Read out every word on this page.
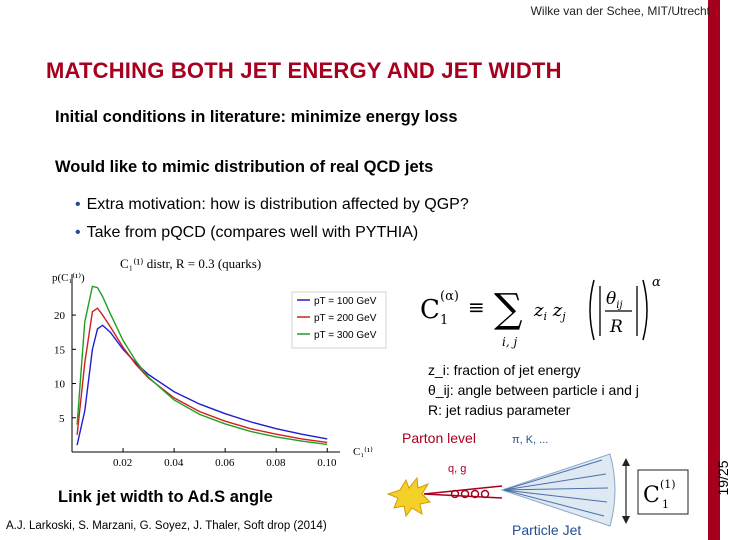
Wilke van der Schee, MIT/Utrecht
19/25
MATCHING BOTH JET ENERGY AND JET WIDTH
Initial conditions in literature: minimize energy loss
Would like to mimic distribution of real QCD jets
• Extra motivation: how is distribution affected by QGP?
• Take from pQCD (compares well with PYTHIA)
C₁⁽¹⁾ distr, R = 0.3 (quarks)
p(C₁⁽¹⁾)
C₁⁽¹⁾
0.02	0.04	0.06	0.08	0.10
5
10
15
20
pT = 100 GeV
pT = 200 GeV
pT = 300 GeV
C (α)
1
≡ ∑
i, j
$z_i$ $z_j$
$\theta_{ij}$
R
α
z_i: fraction of jet energy
θ_ij: angle between particle i and j
R: jet radius parameter
Parton level	π, K, ...
q, g
C (1)
1
Particle Jet
Link jet width to Ad.S angle
A.J. Larkoski, S. Marzani, G. Soyez, J. Thaler, Soft drop (2014)
